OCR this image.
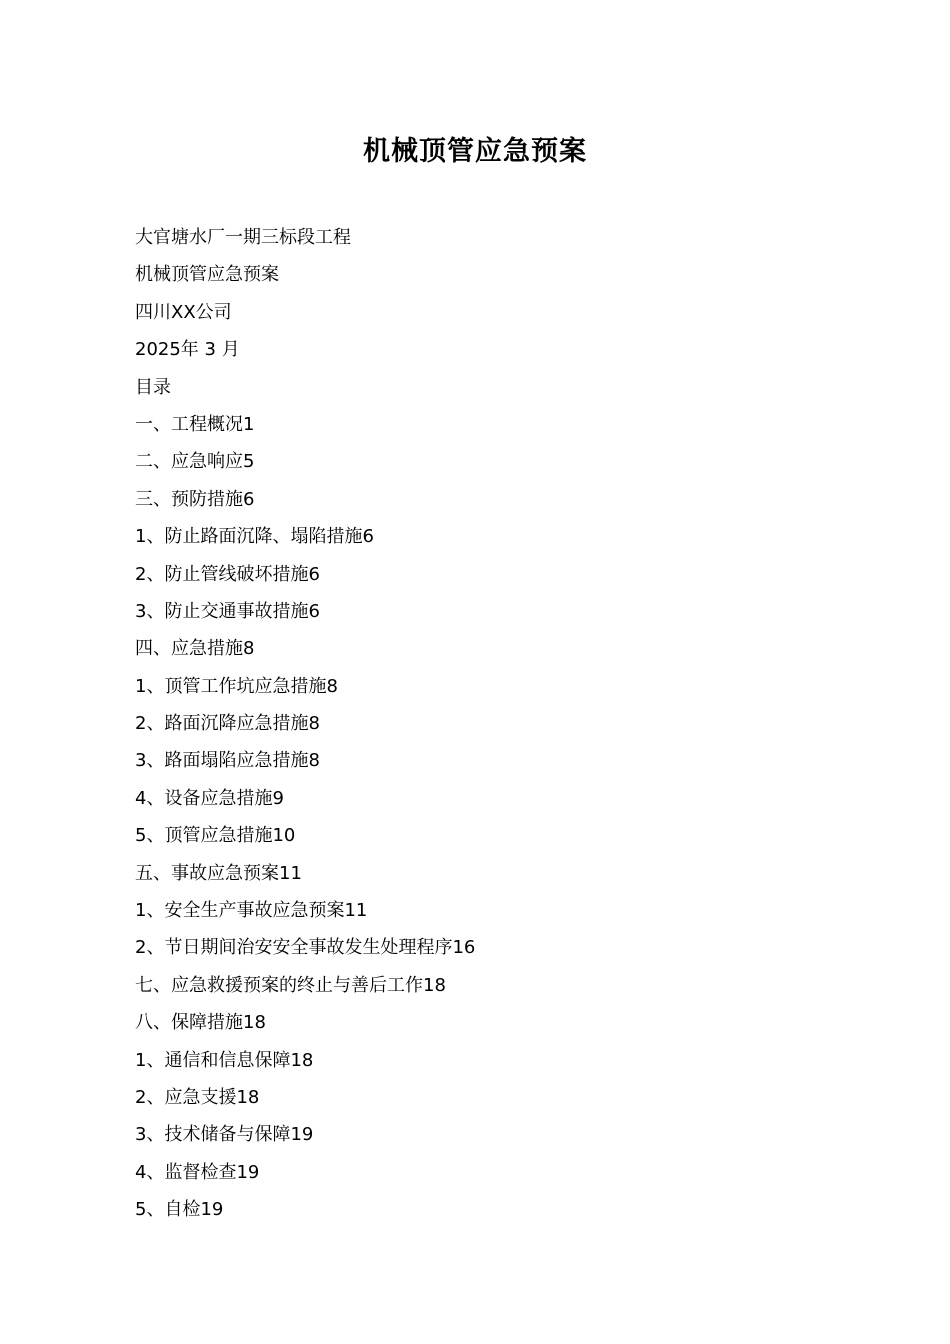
机械顶管应急预案
大官塘水厂一期三标段工程
机械顶管应急预案
四川XX公司
2025年 3 月
目录
一、工程概况1
二、应急响应5
三、预防措施6
1、防止路面沉降、塌陷措施6
2、防止管线破坏措施6
3、防止交通事故措施6
四、应急措施8
1、顶管工作坑应急措施8
2、路面沉降应急措施8
3、路面塌陷应急措施8
4、设备应急措施9
5、顶管应急措施10
五、事故应急预案11
1、安全生产事故应急预案11
2、节日期间治安安全事故发生处理程序16
七、应急救援预案的终止与善后工作18
八、保障措施18
1、通信和信息保障18
2、应急支援18
3、技术储备与保障19
4、监督检查19
5、自检19
